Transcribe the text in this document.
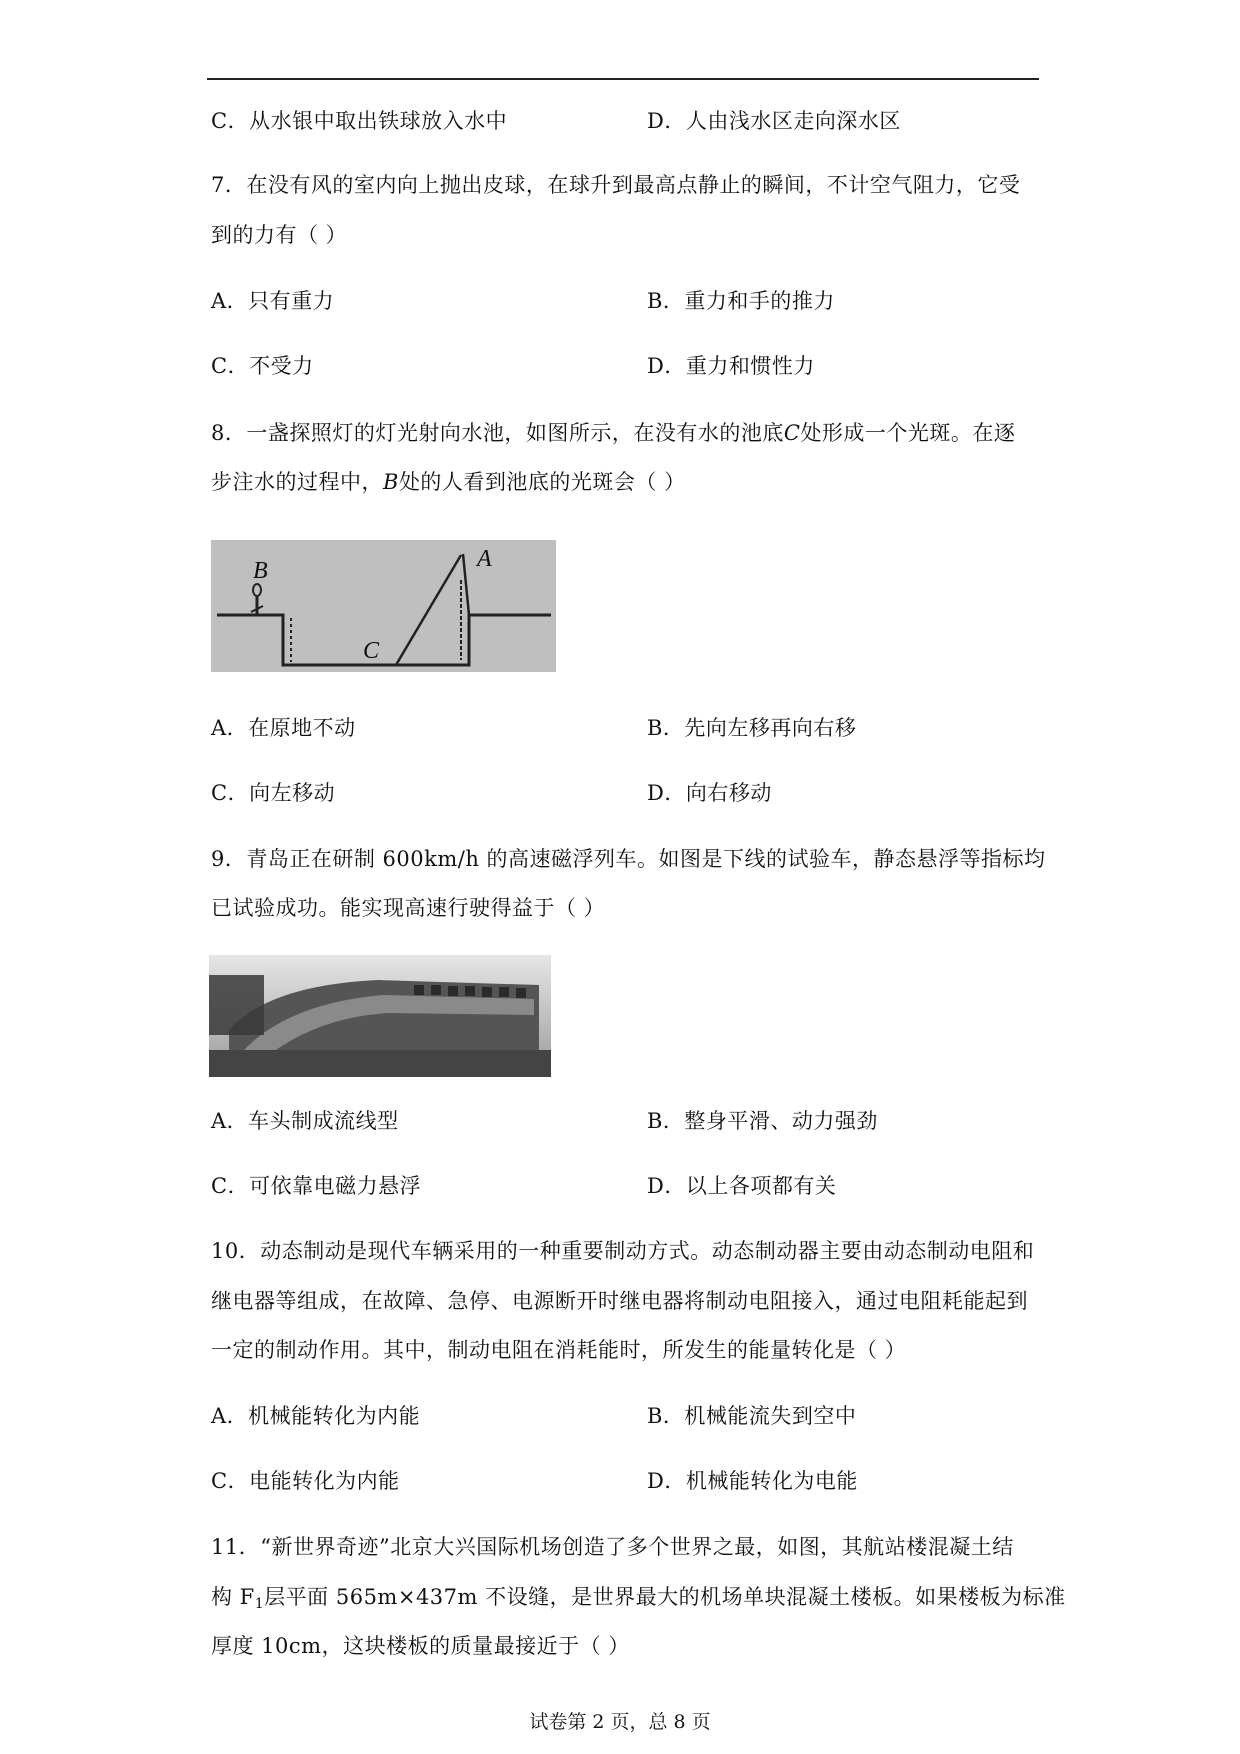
C．从水银中取出铁球放入水中	D．人由浅水区走向深水区
7．在没有风的室内向上抛出皮球，在球升到最高点静止的瞬间，不计空气阻力，它受
到的力有（ ）
A．只有重力	B．重力和手的推力
C．不受力	D．重力和惯性力
8．一盏探照灯的灯光射向水池，如图所示，在没有水的池底C处形成一个光斑。在逐
步注水的过程中，B处的人看到池底的光斑会（ ）
B	A
C
A．在原地不动	B．先向左移再向右移
C．向左移动	D．向右移动
9．青岛正在研制 600km/h 的高速磁浮列车。如图是下线的试验车，静态悬浮等指标均
已试验成功。能实现高速行驶得益于（ ）
A．车头制成流线型	B．整身平滑、动力强劲
C．可依靠电磁力悬浮	D．以上各项都有关
10．动态制动是现代车辆采用的一种重要制动方式。动态制动器主要由动态制动电阻和
继电器等组成，在故障、急停、电源断开时继电器将制动电阻接入，通过电阻耗能起到
一定的制动作用。其中，制动电阻在消耗能时，所发生的能量转化是（ ）
A．机械能转化为内能	B．机械能流失到空中
C．电能转化为内能	D．机械能转化为电能
11．“新世界奇迹”北京大兴国际机场创造了多个世界之最，如图，其航站楼混凝土结
构 $F_1$层平面 565m×437m 不设缝，是世界最大的机场单块混凝土楼板。如果楼板为标准
厚度 10cm，这块楼板的质量最接近于（ ）
试卷第 2 页，总 8 页
